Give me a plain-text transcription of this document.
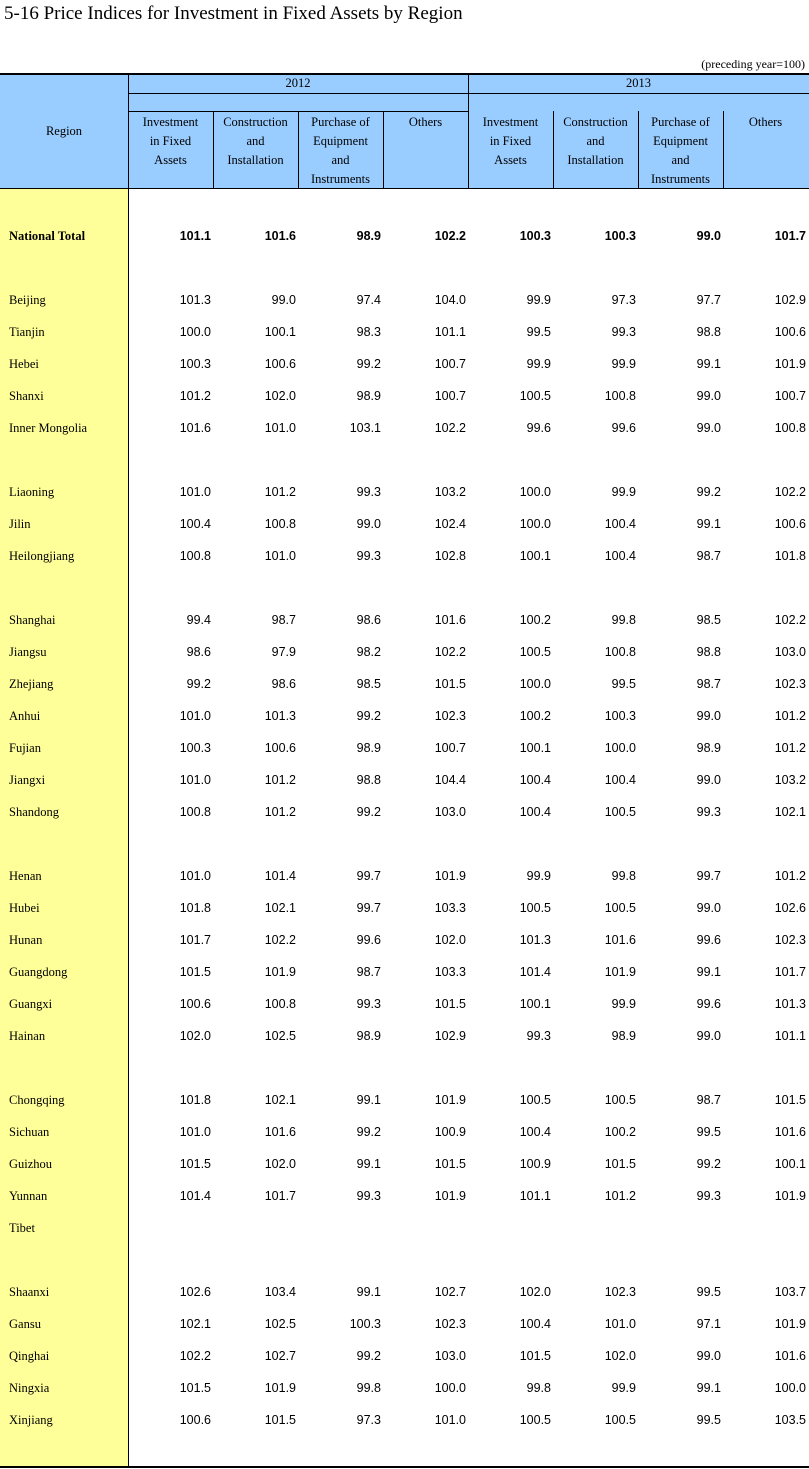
5-16 Price Indices for Investment in Fixed Assets by Region
(preceding year=100)
Region
2012	2013
Investment
in Fixed
Assets
Construction
and
Installation
Purchase of
Equipment
and
Instruments
Others	Investment
in Fixed
Assets
Construction
and
Installation
Purchase of
Equipment
and
Instruments
Others
National Total	101.1	101.6	98.9	102.2	100.3	100.3	99.0	101.7
Beijing	101.3	99.0	97.4	104.0	99.9	97.3	97.7	102.9
Tianjin	100.0	100.1	98.3	101.1	99.5	99.3	98.8	100.6
Hebei	100.3	100.6	99.2	100.7	99.9	99.9	99.1	101.9
Shanxi	101.2	102.0	98.9	100.7	100.5	100.8	99.0	100.7
Inner Mongolia	101.6	101.0	103.1	102.2	99.6	99.6	99.0	100.8
Liaoning	101.0	101.2	99.3	103.2	100.0	99.9	99.2	102.2
Jilin	100.4	100.8	99.0	102.4	100.0	100.4	99.1	100.6
Heilongjiang	100.8	101.0	99.3	102.8	100.1	100.4	98.7	101.8
Shanghai	99.4	98.7	98.6	101.6	100.2	99.8	98.5	102.2
Jiangsu	98.6	97.9	98.2	102.2	100.5	100.8	98.8	103.0
Zhejiang	99.2	98.6	98.5	101.5	100.0	99.5	98.7	102.3
Anhui	101.0	101.3	99.2	102.3	100.2	100.3	99.0	101.2
Fujian	100.3	100.6	98.9	100.7	100.1	100.0	98.9	101.2
Jiangxi	101.0	101.2	98.8	104.4	100.4	100.4	99.0	103.2
Shandong	100.8	101.2	99.2	103.0	100.4	100.5	99.3	102.1
Henan	101.0	101.4	99.7	101.9	99.9	99.8	99.7	101.2
Hubei	101.8	102.1	99.7	103.3	100.5	100.5	99.0	102.6
Hunan	101.7	102.2	99.6	102.0	101.3	101.6	99.6	102.3
Guangdong	101.5	101.9	98.7	103.3	101.4	101.9	99.1	101.7
Guangxi	100.6	100.8	99.3	101.5	100.1	99.9	99.6	101.3
Hainan	102.0	102.5	98.9	102.9	99.3	98.9	99.0	101.1
Chongqing	101.8	102.1	99.1	101.9	100.5	100.5	98.7	101.5
Sichuan	101.0	101.6	99.2	100.9	100.4	100.2	99.5	101.6
Guizhou	101.5	102.0	99.1	101.5	100.9	101.5	99.2	100.1
Yunnan	101.4	101.7	99.3	101.9	101.1	101.2	99.3	101.9
Tibet
Shaanxi	102.6	103.4	99.1	102.7	102.0	102.3	99.5	103.7
Gansu	102.1	102.5	100.3	102.3	100.4	101.0	97.1	101.9
Qinghai	102.2	102.7	99.2	103.0	101.5	102.0	99.0	101.6
Ningxia	101.5	101.9	99.8	100.0	99.8	99.9	99.1	100.0
Xinjiang	100.6	101.5	97.3	101.0	100.5	100.5	99.5	103.5
